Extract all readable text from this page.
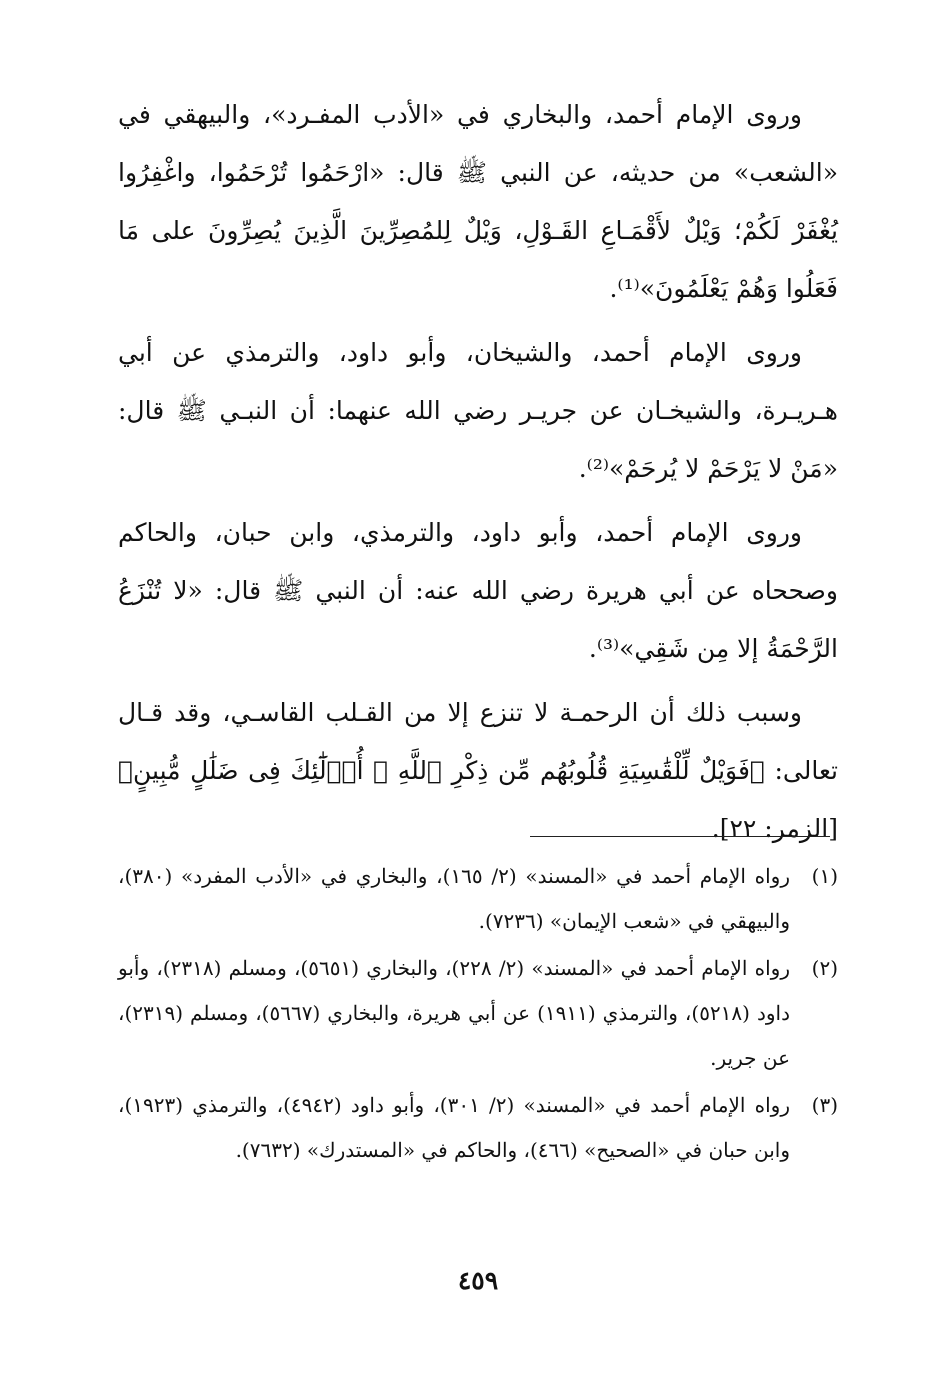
وروى الإمام أحمد، والبخاري في «الأدب المفـرد»، والبيهقي في «الشعب» من حديثه، عن النبي ﷺ قال: «ارْحَمُوا تُرْحَمُوا، واغْفِرُوا يُغْفَرْ لَكُمْ؛ وَيْلٌ لأَقْمَـاعِ القَـوْلِ، وَيْلٌ لِلمُصِرِّينَ الَّذِينَ يُصِرِّونَ على مَا فَعَلُوا وَهُمْ يَعْلَمُونَ»⁽¹⁾.

وروى الإمام أحمد، والشيخان، وأبو داود، والترمذي عن أبي هـريـرة، والشيخـان عن جريـر رضي الله عنهما: أن النبـي ﷺ قال: «مَنْ لا يَرْحَمْ لا يُرحَمْ»⁽²⁾.

وروى الإمام أحمد، وأبو داود، والترمذي، وابن حبان، والحاكم وصححاه عن أبي هريرة رضي الله عنه: أن النبي ﷺ قال: «لا تُنْزَعُ الرَّحْمَةُ إلا مِن شَقِي»⁽³⁾.

وسبب ذلك أن الرحمـة لا تنزع إلا من القـلب القاسـي، وقد قـال تعالى: ﴿فَوَيْلٌ لِّلْقَٰسِيَةِ قُلُوبُهُم مِّن ذِكْرِ ٱللَّهِ ۚ أُو۟لَٰٓئِكَ فِى ضَلَٰلٍ مُّبِينٍ﴾[الزمر: ٢٢].

(١)
رواه الإمام أحمد في «المسند» (٢/ ١٦٥)، والبخاري في «الأدب المفرد» (٣٨٠)، والبيهقي في «شعب الإيمان» (٧٢٣٦).
(٢)
رواه الإمام أحمد في «المسند» (٢/ ٢٢٨)، والبخاري (٥٦٥١)، ومسلم (٢٣١٨)، وأبو داود (٥٢١٨)، والترمذي (١٩١١) عن أبي هريرة، والبخاري (٥٦٦٧)، ومسلم (٢٣١٩)، عن جرير.
(٣)
رواه الإمام أحمد في «المسند» (٢/ ٣٠١)، وأبو داود (٤٩٤٢)، والترمذي (١٩٢٣)، وابن حبان في «الصحيح» (٤٦٦)، والحاكم في «المستدرك» (٧٦٣٢).
٤٥٩
